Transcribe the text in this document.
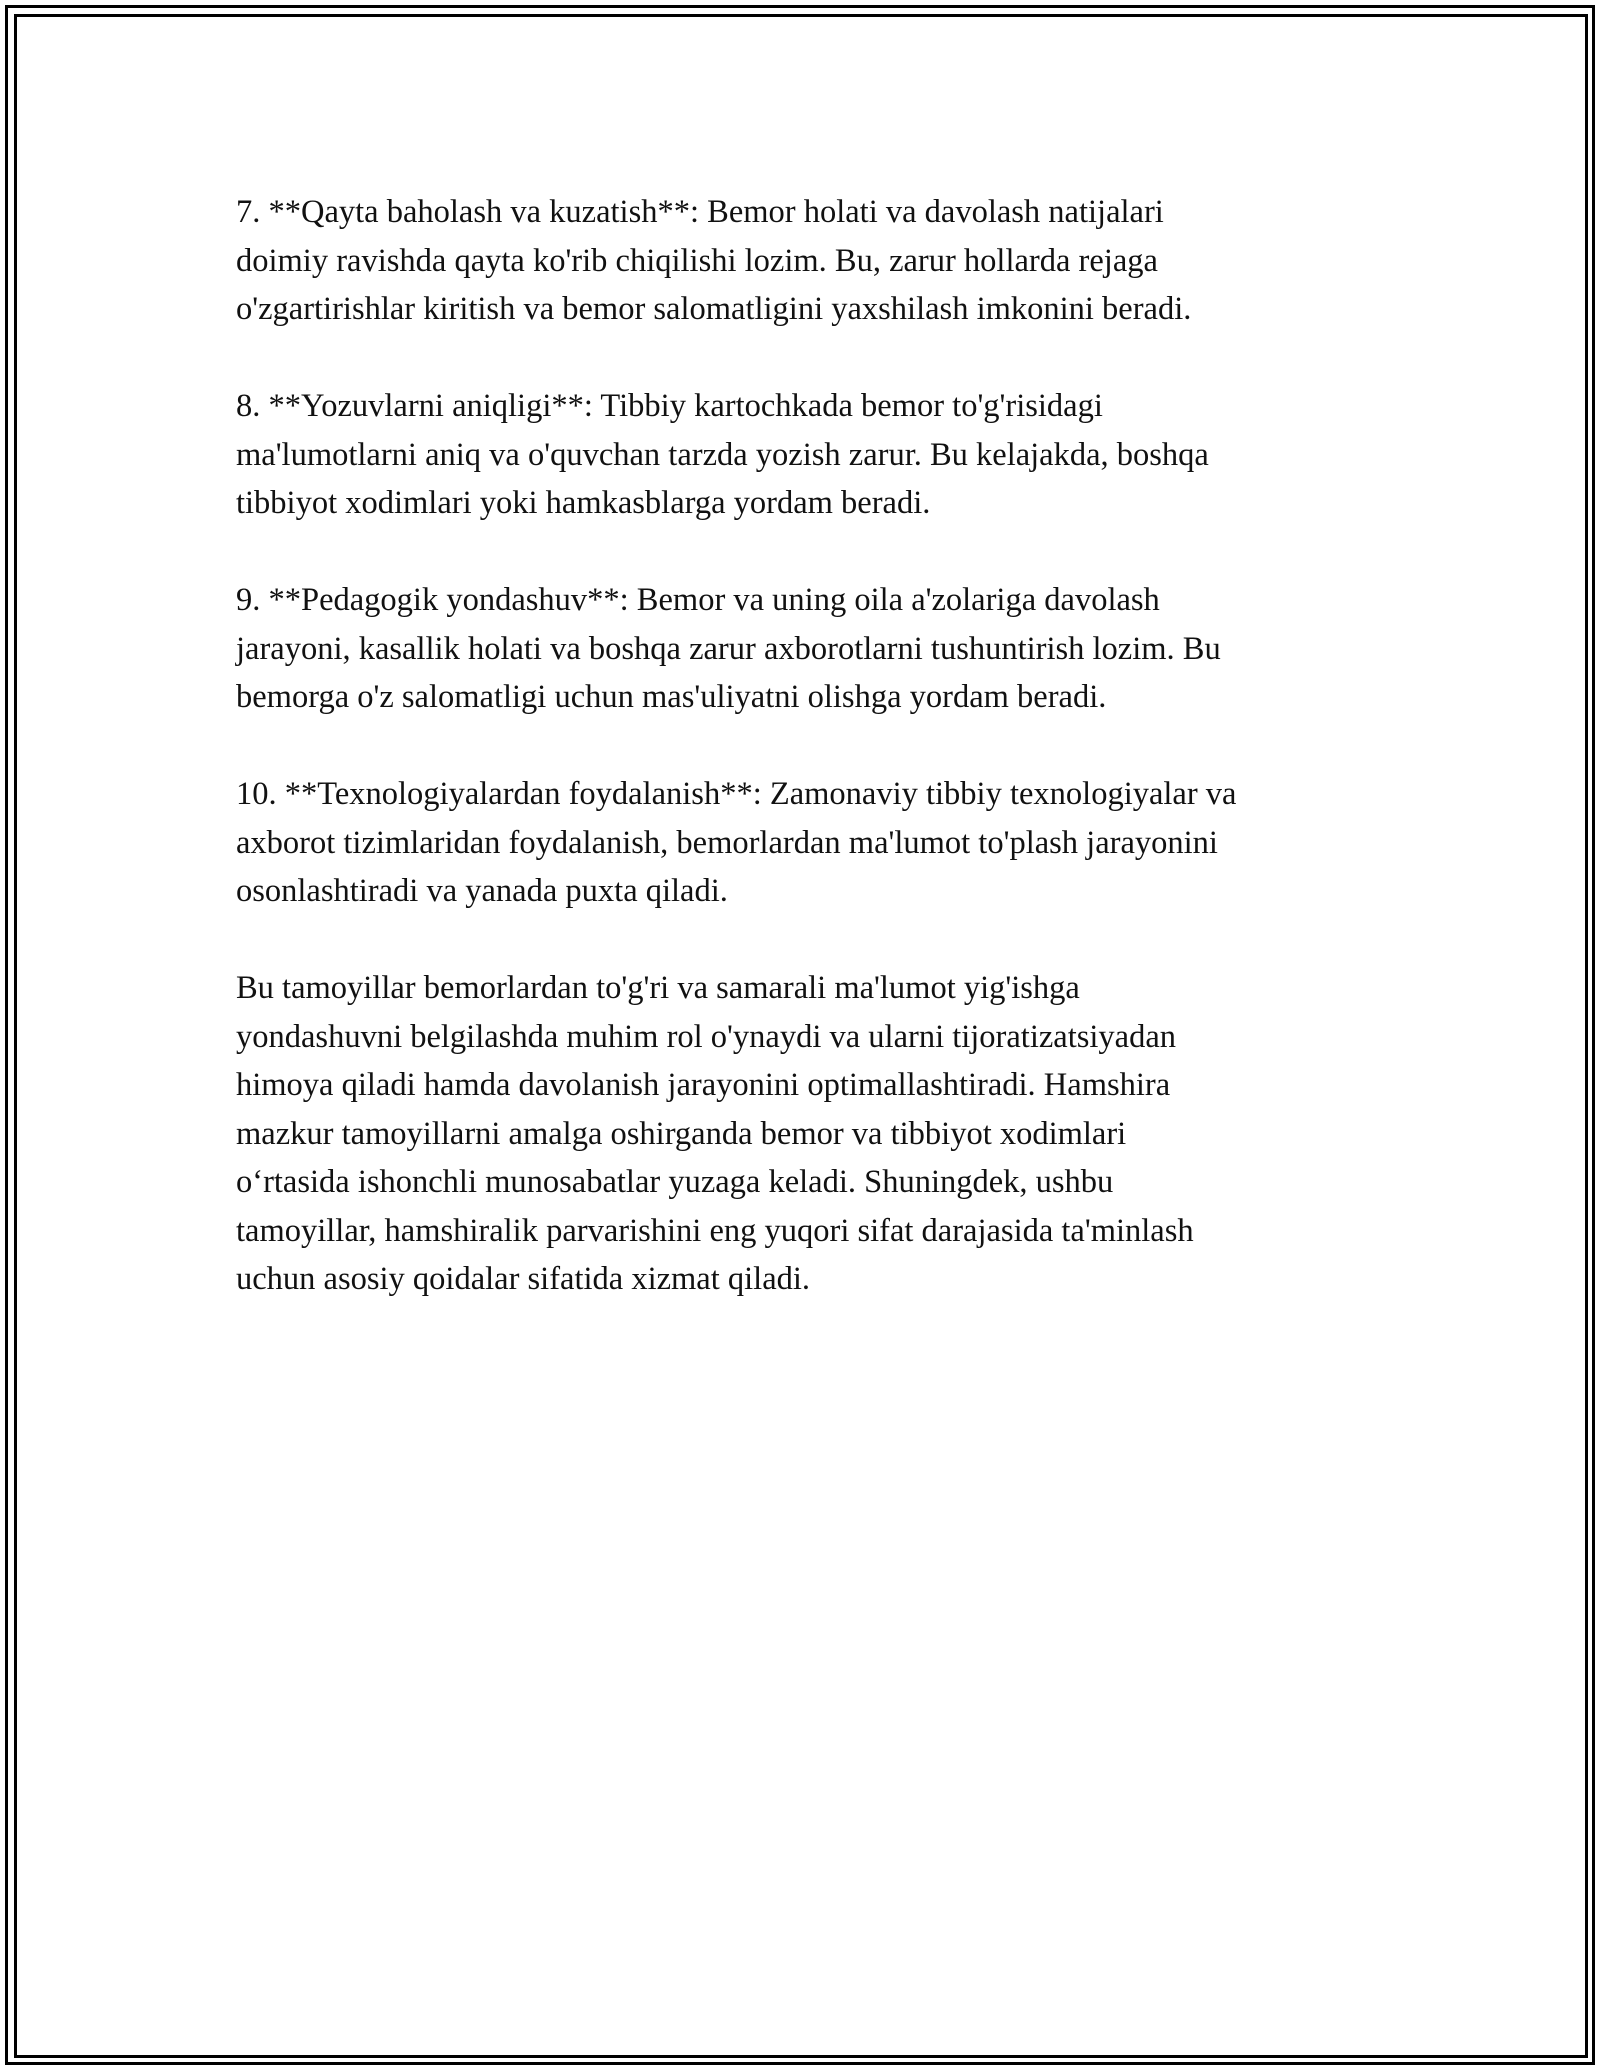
7. **Qayta baholash va kuzatish**: Bemor holati va davolash natijalari
doimiy ravishda qayta ko'rib chiqilishi lozim. Bu, zarur hollarda rejaga
o'zgartirishlar kiritish va bemor salomatligini yaxshilash imkonini beradi.

8. **Yozuvlarni aniqligi**: Tibbiy kartochkada bemor to'g'risidagi
ma'lumotlarni aniq va o'quvchan tarzda yozish zarur. Bu kelajakda, boshqa
tibbiyot xodimlari yoki hamkasblarga yordam beradi.

9. **Pedagogik yondashuv**: Bemor va uning oila a'zolariga davolash
jarayoni, kasallik holati va boshqa zarur axborotlarni tushuntirish lozim. Bu
bemorga o'z salomatligi uchun mas'uliyatni olishga yordam beradi.

10. **Texnologiyalardan foydalanish**: Zamonaviy tibbiy texnologiyalar va
axborot tizimlaridan foydalanish, bemorlardan ma'lumot to'plash jarayonini
osonlashtiradi va yanada puxta qiladi.

Bu tamoyillar bemorlardan to'g'ri va samarali ma'lumot yig'ishga
yondashuvni belgilashda muhim rol o'ynaydi va ularni tijoratizatsiyadan
himoya qiladi hamda davolanish jarayonini optimallashtiradi. Hamshira
mazkur tamoyillarni amalga oshirganda bemor va tibbiyot xodimlari
o‘rtasida ishonchli munosabatlar yuzaga keladi. Shuningdek, ushbu
tamoyillar, hamshiralik parvarishini eng yuqori sifat darajasida ta'minlash
uchun asosiy qoidalar sifatida xizmat qiladi.
